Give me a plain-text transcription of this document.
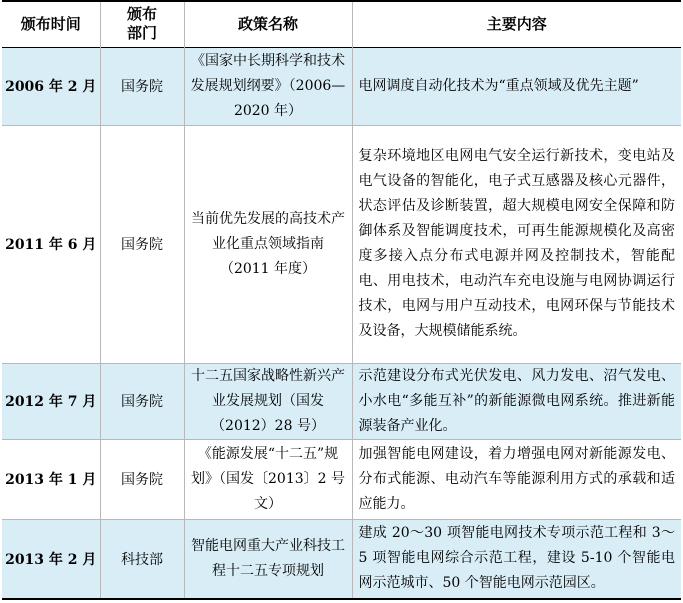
颁布时间	颁布部门	政策名称	主要内容
2006 年 2 月	国务院	《国家中长期科学和技术发展规划纲要》（2006—2020 年）	电网调度自动化技术为“重点领域及优先主题”
2011 年 6 月	国务院	当前优先发展的高技术产业化重点领域指南（2011 年度）	复杂环境地区电网电气安全运行新技术，变电站及电气设备的智能化，电子式互感器及核心元器件，状态评估及诊断装置，超大规模电网安全保障和防御体系及智能调度技术，可再生能源规模化及高密度多接入点分布式电源并网及控制技术，智能配电、用电技术，电动汽车充电设施与电网协调运行技术，电网与用户互动技术，电网环保与节能技术及设备，大规模储能系统。
2012 年 7 月	国务院	十二五国家战略性新兴产业发展规划（国发（2012）28 号）	示范建设分布式光伏发电、风力发电、沼气发电、小水电“多能互补”的新能源微电网系统。推进新能源装备产业化。
2013 年 1 月	国务院	《能源发展“十二五”规划》（国发〔2013〕2 号文）	加强智能电网建设，着力增强电网对新能源发电、分布式能源、电动汽车等能源利用方式的承载和适应能力。
2013 年 2 月	科技部	智能电网重大产业科技工程十二五专项规划	建成 20～30 项智能电网技术专项示范工程和 3～5 项智能电网综合示范工程，建设 5-10 个智能电网示范城市、50 个智能电网示范园区。
